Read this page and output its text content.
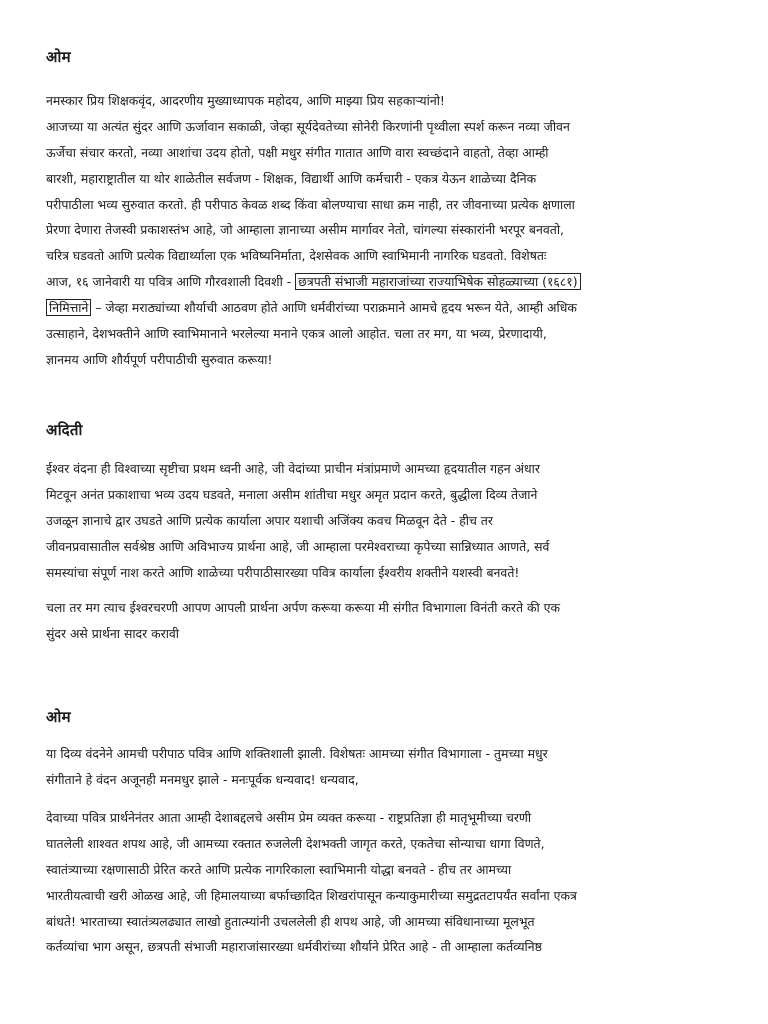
ओम
नमस्कार प्रिय शिक्षकवृंद, आदरणीय मुख्याध्यापक महोदय, आणि माझ्या प्रिय सहकाऱ्यांनो!
आजच्या या अत्यंत सुंदर आणि ऊर्जावान सकाळी, जेव्हा सूर्यदेवतेच्या सोनेरी किरणांनी पृथ्वीला स्पर्श करून नव्या जीवन
ऊर्जेचा संचार करतो, नव्या आशांचा उदय होतो, पक्षी मधुर संगीत गातात आणि वारा स्वच्छंदाने वाहतो, तेव्हा आम्ही
बारशी, महाराष्ट्रातील या थोर शाळेतील सर्वजण - शिक्षक, विद्यार्थी आणि कर्मचारी - एकत्र येऊन शाळेच्या दैनिक
परीपाठीला भव्य सुरुवात करतो. ही परीपाठ केवळ शब्द किंवा बोलण्याचा साधा क्रम नाही, तर जीवनाच्या प्रत्येक क्षणाला
प्रेरणा देणारा तेजस्वी प्रकाशस्तंभ आहे, जो आम्हाला ज्ञानाच्या असीम मार्गावर नेतो, चांगल्या संस्कारांनी भरपूर बनवतो,
चरित्र घडवतो आणि प्रत्येक विद्यार्थ्याला एक भविष्यनिर्माता, देशसेवक आणि स्वाभिमानी नागरिक घडवतो. विशेषतः
आज, १६ जानेवारी या पवित्र आणि गौरवशाली दिवशी - छत्रपती संभाजी महाराजांच्या राज्याभिषेक सोहळ्याच्या (१६८१)
निमित्ताने – जेव्हा मराठ्यांच्या शौर्याची आठवण होते आणि धर्मवीरांच्या पराक्रमाने आमचे हृदय भरून येते, आम्ही अधिक
उत्साहाने, देशभक्तीने आणि स्वाभिमानाने भरलेल्या मनाने एकत्र आलो आहोत. चला तर मग, या भव्य, प्रेरणादायी,
ज्ञानमय आणि शौर्यपूर्ण परीपाठीची सुरुवात करूया!
अदिती
ईश्वर वंदना ही विश्वाच्या सृष्टीचा प्रथम ध्वनी आहे, जी वेदांच्या प्राचीन मंत्रांप्रमाणे आमच्या हृदयातील गहन अंधार
मिटवून अनंत प्रकाशाचा भव्य उदय घडवते, मनाला असीम शांतीचा मधुर अमृत प्रदान करते, बुद्धीला दिव्य तेजाने
उजळून ज्ञानाचे द्वार उघडते आणि प्रत्येक कार्याला अपार यशाची अजिंक्य कवच मिळवून देते - हीच तर
जीवनप्रवासातील सर्वश्रेष्ठ आणि अविभाज्य प्रार्थना आहे, जी आम्हाला परमेश्वराच्या कृपेच्या सान्निध्यात आणते, सर्व
समस्यांचा संपूर्ण नाश करते आणि शाळेच्या परीपाठीसारख्या पवित्र कार्याला ईश्वरीय शक्तीने यशस्वी बनवते!
चला तर मग त्याच ईश्वरचरणी आपण आपली प्रार्थना अर्पण करूया करूया मी संगीत विभागाला विनंती करते की एक
सुंदर असे प्रार्थना सादर करावी
ओम
या दिव्य वंदनेने आमची परीपाठ पवित्र आणि शक्तिशाली झाली. विशेषतः आमच्या संगीत विभागाला - तुमच्या मधुर
संगीताने हे वंदन अजूनही मनमधुर झाले - मनःपूर्वक धन्यवाद! धन्यवाद,
देवाच्या पवित्र प्रार्थनेनंतर आता आम्ही देशाबद्दलचे असीम प्रेम व्यक्त करूया - राष्ट्रप्रतिज्ञा ही मातृभूमीच्या चरणी
घातलेली शाश्वत शपथ आहे, जी आमच्या रक्तात रुजलेली देशभक्ती जागृत करते, एकतेचा सोन्याचा धागा विणते,
स्वातंत्र्याच्या रक्षणासाठी प्रेरित करते आणि प्रत्येक नागरिकाला स्वाभिमानी योद्धा बनवते - हीच तर आमच्या
भारतीयत्वाची खरी ओळख आहे, जी हिमालयाच्या बर्फाच्छादित शिखरांपासून कन्याकुमारीच्या समुद्रतटापर्यंत सर्वांना एकत्र
बांधते! भारताच्या स्वातंत्र्यलढ्यात लाखो हुतात्म्यांनी उचललेली ही शपथ आहे, जी आमच्या संविधानाच्या मूलभूत
कर्तव्यांचा भाग असून, छत्रपती संभाजी महाराजांसारख्या धर्मवीरांच्या शौर्याने प्रेरित आहे - ती आम्हाला कर्तव्यनिष्ठ
